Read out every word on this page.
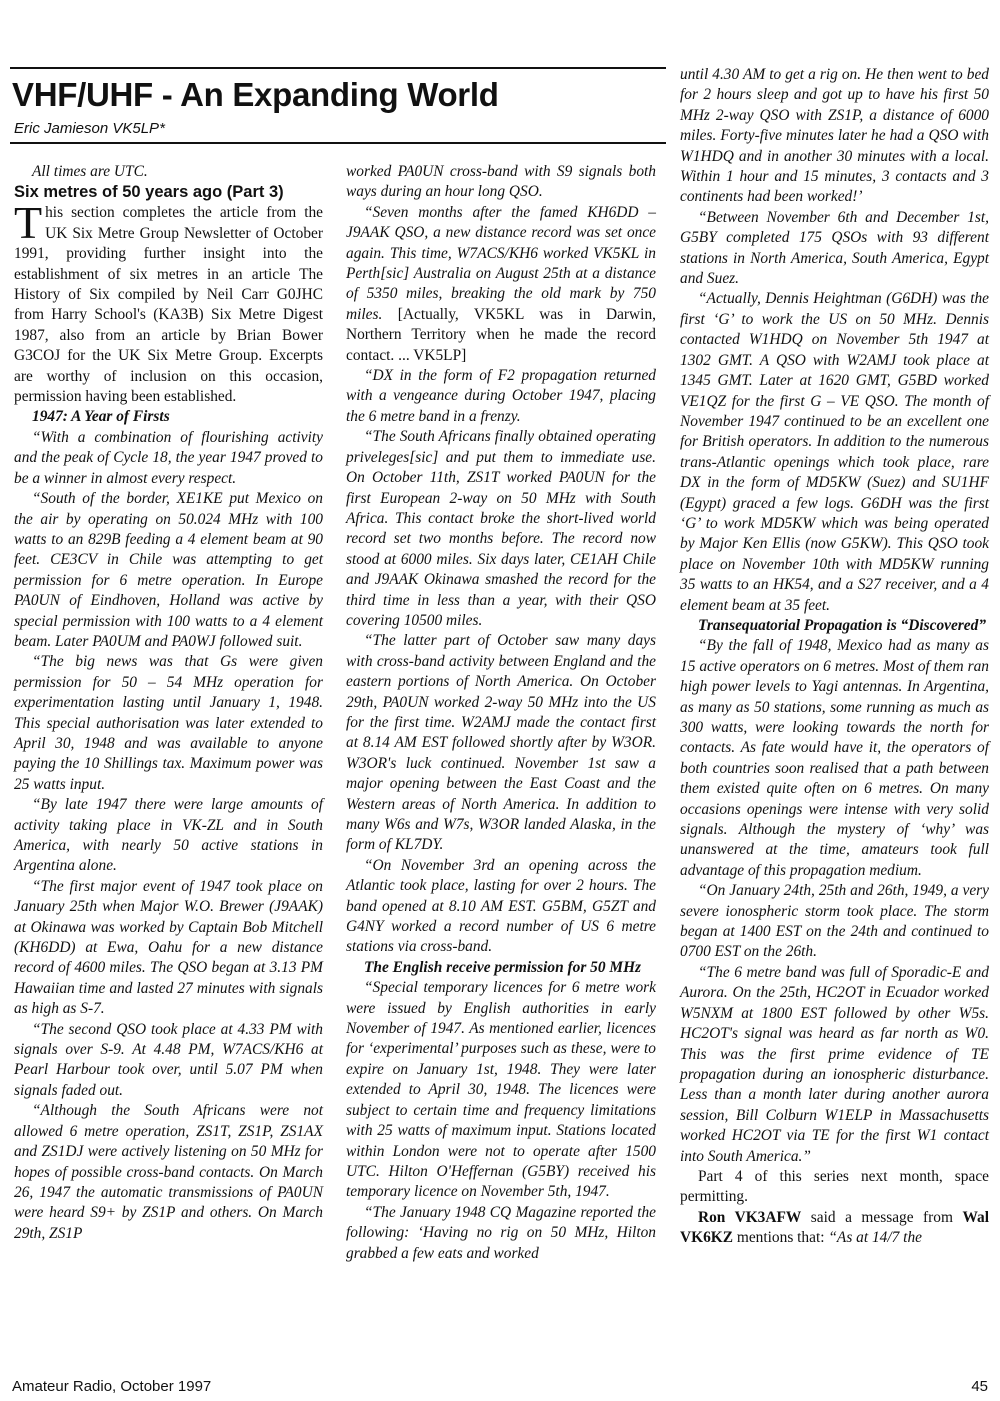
VHF/UHF - An Expanding World
Eric Jamieson VK5LP*

All times are UTC.

Six metres of 50 years ago (Part 3)

This section completes the article from the UK Six Metre Group Newsletter of October 1991, providing further insight into the establishment of six metres in an article The History of Six compiled by Neil Carr G0JHC from Harry School's (KA3B) Six Metre Digest 1987, also from an article by Brian Bower G3COJ for the UK Six Metre Group. Excerpts are worthy of inclusion on this occasion, permission having been established.

1947: A Year of Firsts

“With a combination of flourishing activity and the peak of Cycle 18, the year 1947 proved to be a winner in almost every respect.

“South of the border, XE1KE put Mexico on the air by operating on 50.024 MHz with 100 watts to an 829B feeding a 4 element beam at 90 feet. CE3CV in Chile was attempting to get permission for 6 metre operation. In Europe PA0UN of Eindhoven, Holland was active by special permission with 100 watts to a 4 element beam. Later PA0UM and PA0WJ followed suit.

“The big news was that Gs were given permission for 50 – 54 MHz operation for experimentation lasting until January 1, 1948. This special authorisation was later extended to April 30, 1948 and was available to anyone paying the 10 Shillings tax. Maximum power was 25 watts input.

“By late 1947 there were large amounts of activity taking place in VK-ZL and in South America, with nearly 50 active stations in Argentina alone.

“The first major event of 1947 took place on January 25th when Major W.O. Brewer (J9AAK) at Okinawa was worked by Captain Bob Mitchell (KH6DD) at Ewa, Oahu for a new distance record of 4600 miles. The QSO began at 3.13 PM Hawaiian time and lasted 27 minutes with signals as high as S-7.

“The second QSO took place at 4.33 PM with signals over S-9. At 4.48 PM, W7ACS/KH6 at Pearl Harbour took over, until 5.07 PM when signals faded out.

“Although the South Africans were not allowed 6 metre operation, ZS1T, ZS1P, ZS1AX and ZS1DJ were actively listening on 50 MHz for hopes of possible cross-band contacts. On March 26, 1947 the automatic transmissions of PA0UN were heard S9+ by ZS1P and others. On March 29th, ZS1P

worked PA0UN cross-band with S9 signals both ways during an hour long QSO.

“Seven months after the famed KH6DD – J9AAK QSO, a new distance record was set once again. This time, W7ACS/KH6 worked VK5KL in Perth[sic] Australia on August 25th at a distance of 5350 miles, breaking the old mark by 750 miles. [Actually, VK5KL was in Darwin, Northern Territory when he made the record contact. ... VK5LP]

“DX in the form of F2 propagation returned with a vengeance during October 1947, placing the 6 metre band in a frenzy.

“The South Africans finally obtained operating priveleges[sic] and put them to immediate use. On October 11th, ZS1T worked PA0UN for the first European 2-way on 50 MHz with South Africa. This contact broke the short-lived world record set two months before. The record now stood at 6000 miles. Six days later, CE1AH Chile and J9AAK Okinawa smashed the record for the third time in less than a year, with their QSO covering 10500 miles.

“The latter part of October saw many days with cross-band activity between England and the eastern portions of North America. On October 29th, PA0UN worked 2-way 50 MHz into the US for the first time. W2AMJ made the contact first at 8.14 AM EST followed shortly after by W3OR. W3OR's luck continued. November 1st saw a major opening between the East Coast and the Western areas of North America. In addition to many W6s and W7s, W3OR landed Alaska, in the form of KL7DY.

“On November 3rd an opening across the Atlantic took place, lasting for over 2 hours. The band opened at 8.10 AM EST. G5BM, G5ZT and G4NY worked a record number of US 6 metre stations via cross-band.

The English receive permission for 50 MHz

“Special temporary licences for 6 metre work were issued by English authorities in early November of 1947. As mentioned earlier, licences for ‘experimental’ purposes such as these, were to expire on January 1st, 1948. They were later extended to April 30, 1948. The licences were subject to certain time and frequency limitations with 25 watts of maximum input. Stations located within London were not to operate after 1500 UTC. Hilton O'Heffernan (G5BY) received his temporary licence on November 5th, 1947.

“The January 1948 CQ Magazine reported the following: ‘Having no rig on 50 MHz, Hilton grabbed a few eats and worked

until 4.30 AM to get a rig on. He then went to bed for 2 hours sleep and got up to have his first 50 MHz 2-way QSO with ZS1P, a distance of 6000 miles. Forty-five minutes later he had a QSO with W1HDQ and in another 30 minutes with a local. Within 1 hour and 15 minutes, 3 contacts and 3 continents had been worked!’

“Between November 6th and December 1st, G5BY completed 175 QSOs with 93 different stations in North America, South America, Egypt and Suez.

“Actually, Dennis Heightman (G6DH) was the first ‘G’ to work the US on 50 MHz. Dennis contacted W1HDQ on November 5th 1947 at 1302 GMT. A QSO with W2AMJ took place at 1345 GMT. Later at 1620 GMT, G5BD worked VE1QZ for the first G – VE QSO. The month of November 1947 continued to be an excellent one for British operators. In addition to the numerous trans-Atlantic openings which took place, rare DX in the form of MD5KW (Suez) and SU1HF (Egypt) graced a few logs. G6DH was the first ‘G’ to work MD5KW which was being operated by Major Ken Ellis (now G5KW). This QSO took place on November 10th with MD5KW running 35 watts to an HK54, and a S27 receiver, and a 4 element beam at 35 feet.

Transequatorial Propagation is “Discovered”

“By the fall of 1948, Mexico had as many as 15 active operators on 6 metres. Most of them ran high power levels to Yagi antennas. In Argentina, as many as 50 stations, some running as much as 300 watts, were looking towards the north for contacts. As fate would have it, the operators of both countries soon realised that a path between them existed quite often on 6 metres. On many occasions openings were intense with very solid signals. Although the mystery of ‘why’ was unanswered at the time, amateurs took full advantage of this propagation medium.

“On January 24th, 25th and 26th, 1949, a very severe ionospheric storm took place. The storm began at 1400 EST on the 24th and continued to 0700 EST on the 26th.

“The 6 metre band was full of Sporadic-E and Aurora. On the 25th, HC2OT in Ecuador worked W5NXM at 1800 EST followed by other W5s. HC2OT's signal was heard as far north as W0. This was the first prime evidence of TE propagation during an ionospheric disturbance. Less than a month later during another aurora session, Bill Colburn W1ELP in Massachusetts worked HC2OT via TE for the first W1 contact into South America.”

Part 4 of this series next month, space permitting.

Ron VK3AFW said a message from Wal VK6KZ mentions that: “As at 14/7 the

Amateur Radio, October 1997	45
